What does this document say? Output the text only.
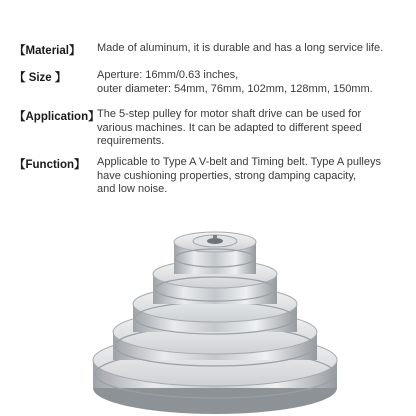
【Material】 Made of aluminum, it is durable and has a long service life.
【 Size 】	Aperture: 16mm/0.63 inches,
outer diameter: 54mm, 76mm, 102mm, 128mm, 150mm.
【Application】
The 5-step pulley for motor shaft drive can be used for
various machines. It can be adapted to different speed
requirements.
【Function】 Applicable to Type A V-belt and Timing belt. Type A pulleys
have cushioning properties, strong damping capacity,
and low noise.
